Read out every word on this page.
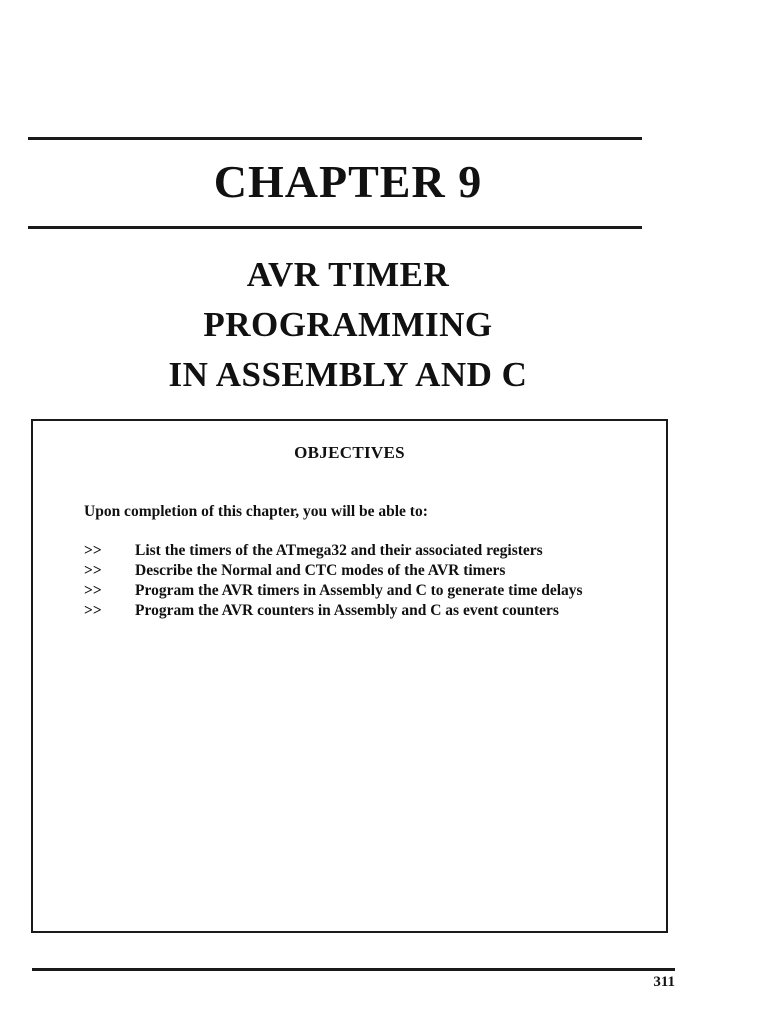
CHAPTER 9
AVR TIMER
PROGRAMMING
IN ASSEMBLY AND C
OBJECTIVES
Upon completion of this chapter, you will be able to:
>>	List the timers of the ATmega32 and their associated registers
>>	Describe the Normal and CTC modes of the AVR timers
>>	Program the AVR timers in Assembly and C to generate time delays
>>	Program the AVR counters in Assembly and C as event counters
311
